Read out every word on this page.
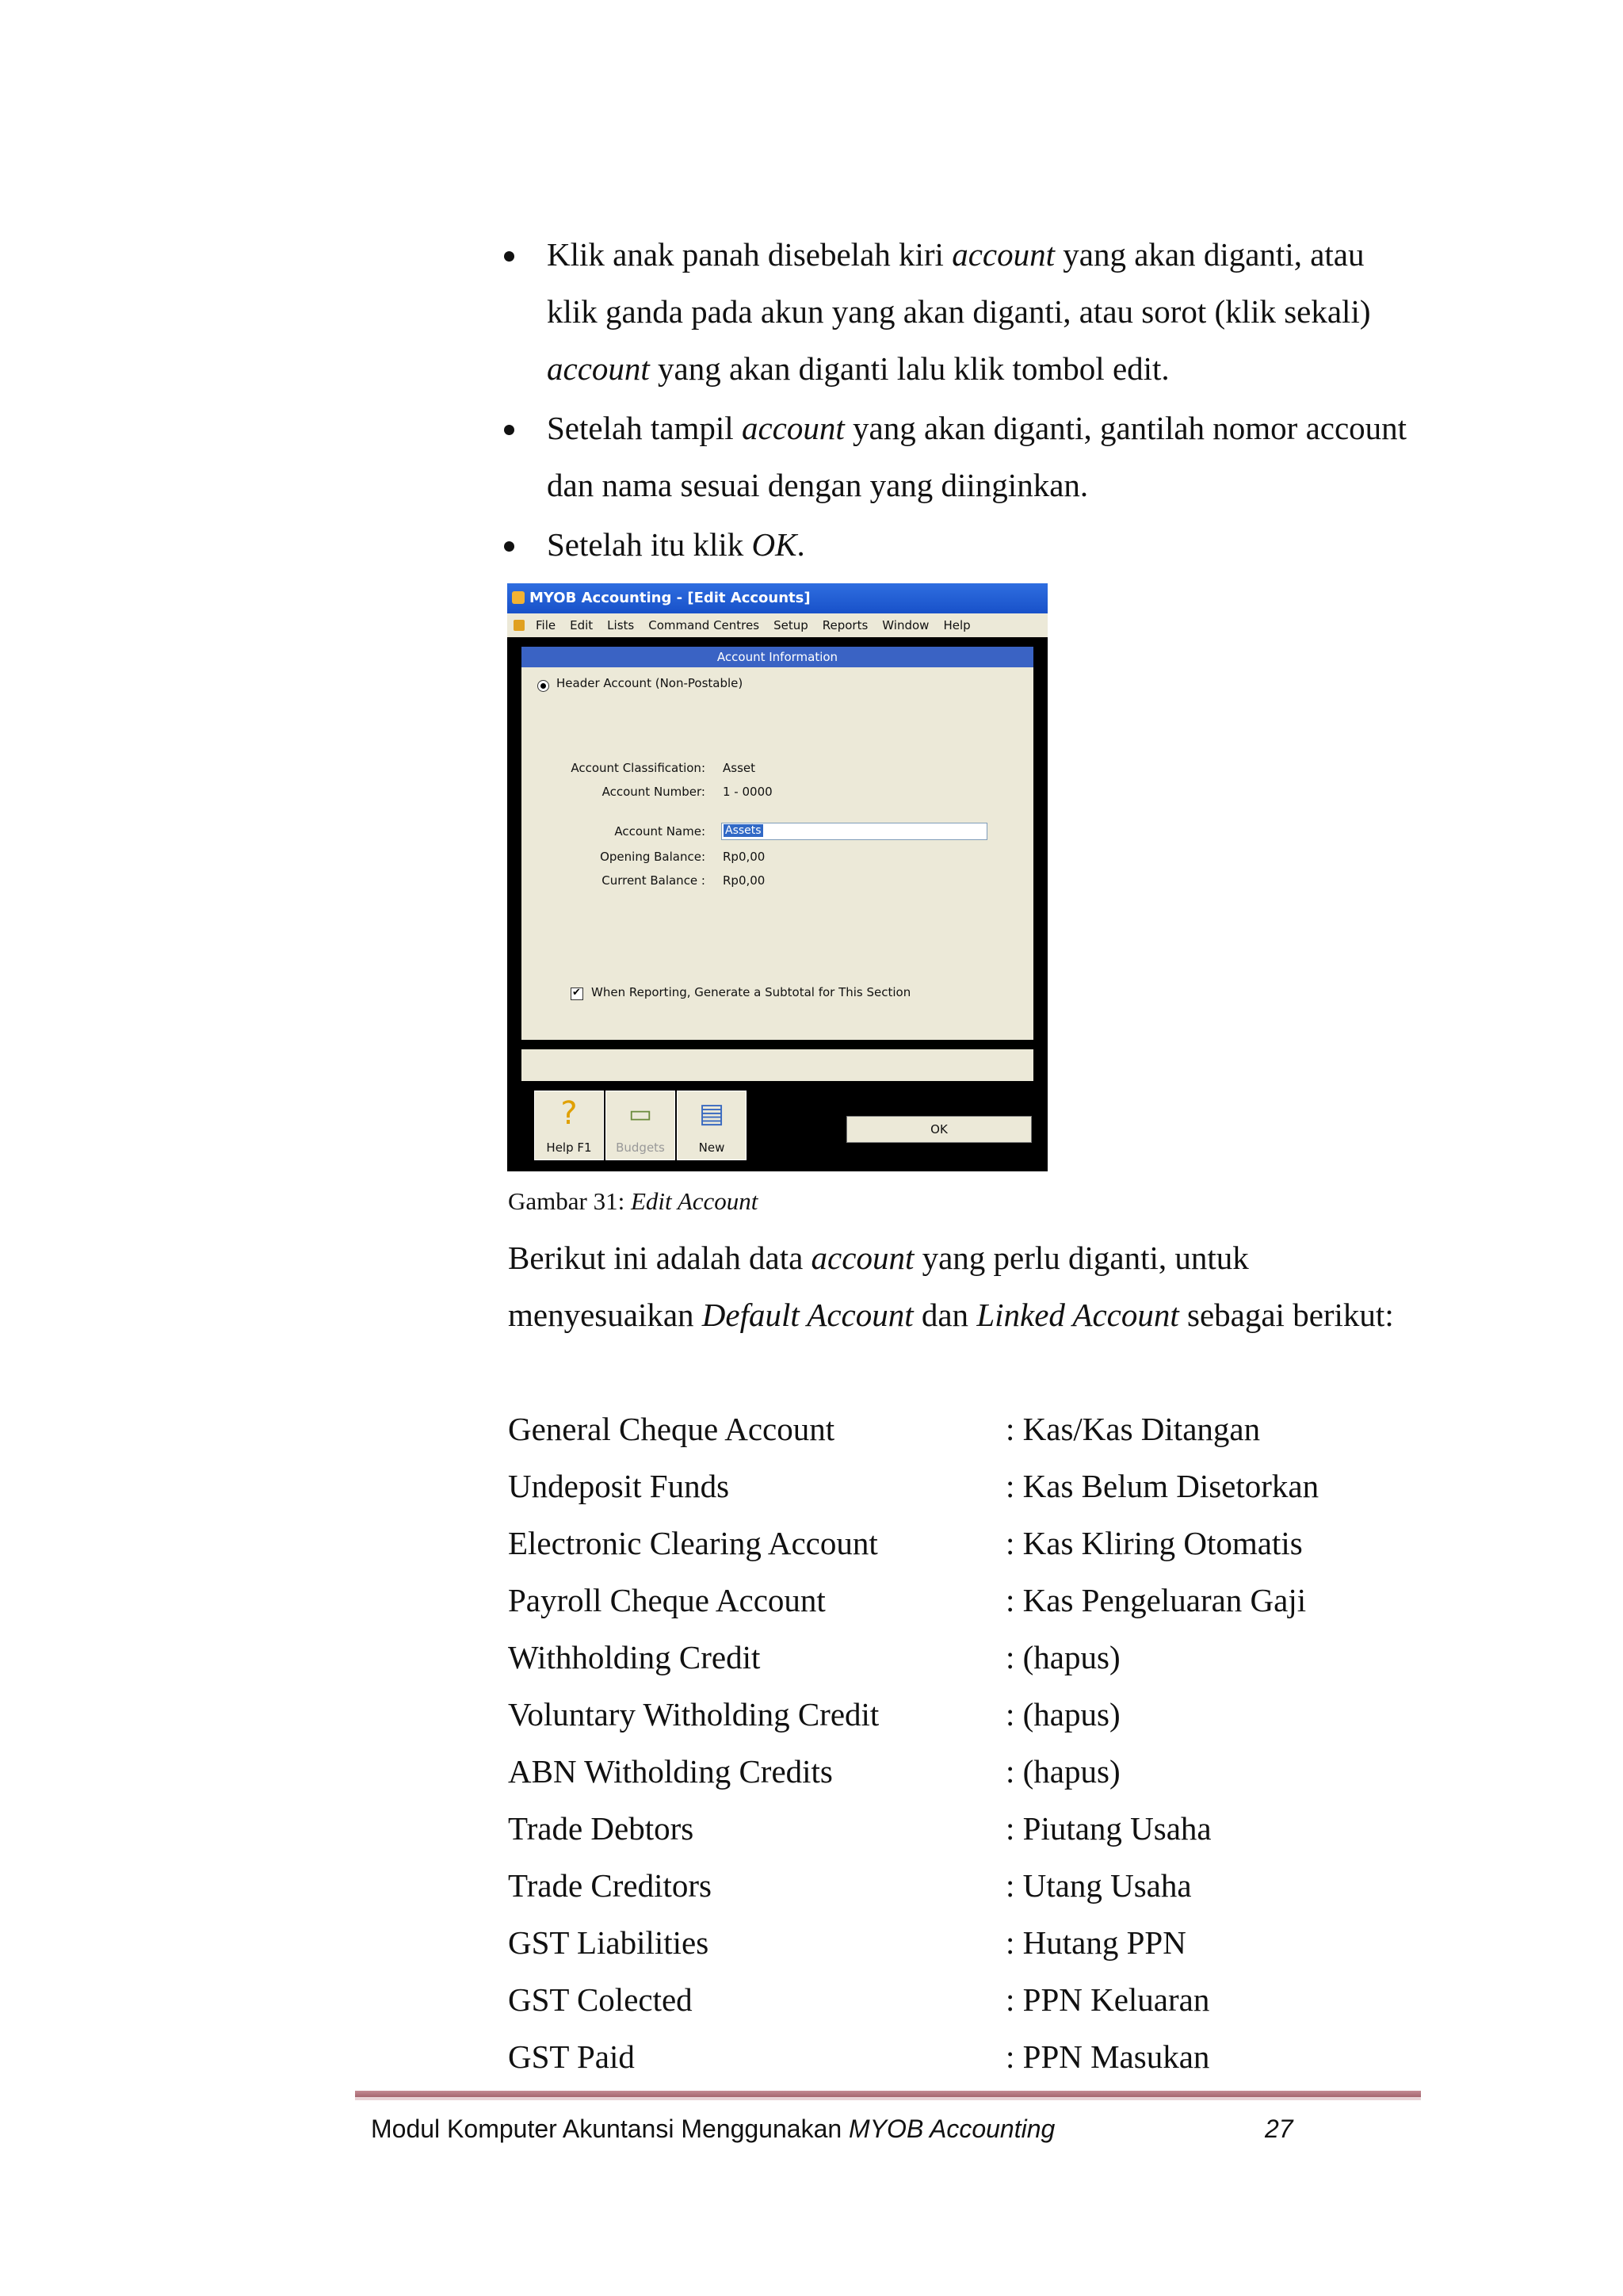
Klik anak panah disebelah kiri account yang akan diganti, atau klik ganda pada akun yang akan diganti, atau sorot (klik sekali) account yang akan diganti lalu klik tombol edit.
Setelah tampil account yang akan diganti, gantilah nomor account dan nama sesuai dengan yang diinginkan.
Setelah itu klik OK.
MYOB Accounting - [Edit Accounts]
File Edit Lists Command Centres Setup Reports Window Help
Account Information
Header Account (Non-Postable)
Account Classification: Asset
Account Number: 1 - 0000
Account Name: Assets
Opening Balance: Rp0,00
Current Balance : Rp0,00
✔
When Reporting, Generate a Subtotal for This Section
?
Help F1
▭
Budgets
▤
New
OK
Gambar 31: Edit Account
Berikut ini adalah data account yang perlu diganti, untuk menyesuaikan Default Account dan Linked Account sebagai berikut:
General Cheque Account	: Kas/Kas Ditangan
Undeposit Funds	: Kas Belum Disetorkan
Electronic Clearing Account	: Kas Kliring Otomatis
Payroll Cheque Account	: Kas Pengeluaran Gaji
Withholding Credit	: (hapus)
Voluntary Witholding Credit	: (hapus)
ABN Witholding Credits	: (hapus)
Trade Debtors	: Piutang Usaha
Trade Creditors	: Utang Usaha
GST Liabilities	: Hutang PPN
GST Colected	: PPN Keluaran
GST Paid	: PPN Masukan
Modul Komputer Akuntansi Menggunakan MYOB Accounting	27
